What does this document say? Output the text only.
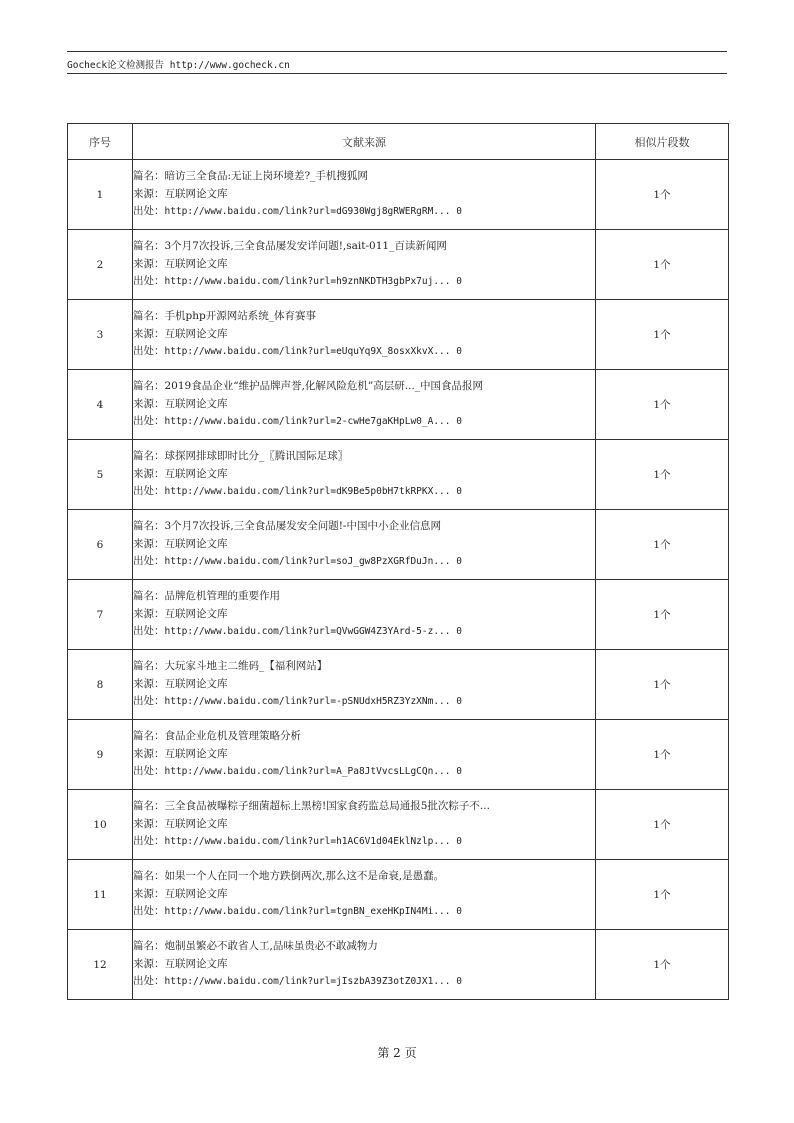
Gocheck论文检测报告 http://www.gocheck.cn
序号	文献来源	相似片段数
1	篇名：暗访三全食品:无证上岗环境差?_手机搜狐网
来源：互联网论文库
出处：http://www.baidu.com/link?url=dG930Wgj8gRWERgRM... 0	1个
2	篇名：3个月7次投诉,三全食品屡发安详问题!,sait-011_百读新闻网
来源：互联网论文库
出处：http://www.baidu.com/link?url=h9znNKDTH3gbPx7uj... 0	1个
3	篇名：手机php开源网站系统_体育赛事
来源：互联网论文库
出处：http://www.baidu.com/link?url=eUquYq9X_8osxXkvX... 0	1个
4	篇名：2019食品企业“维护品牌声誉,化解风险危机”高层研..._中国食品报网
来源：互联网论文库
出处：http://www.baidu.com/link?url=2-cwHe7gaKHpLw0_A... 0	1个
5	篇名：球探网排球即时比分_〖腾讯国际足球〗
来源：互联网论文库
出处：http://www.baidu.com/link?url=dK9Be5p0bH7tkRPKX... 0	1个
6	篇名：3个月7次投诉,三全食品屡发安全问题!-中国中小企业信息网
来源：互联网论文库
出处：http://www.baidu.com/link?url=soJ_gw8PzXGRfDuJn... 0	1个
7	篇名：品牌危机管理的重要作用
来源：互联网论文库
出处：http://www.baidu.com/link?url=QVwGGW4Z3YArd-5-z... 0	1个
8	篇名：大玩家斗地主二维码_【福利网站】
来源：互联网论文库
出处：http://www.baidu.com/link?url=-pSNUdxH5RZ3YzXNm... 0	1个
9	篇名：食品企业危机及管理策略分析
来源：互联网论文库
出处：http://www.baidu.com/link?url=A_Pa8JtVvcsLLgCQn... 0	1个
10	篇名：三全食品被曝粽子细菌超标上黑榜!国家食药监总局通报5批次粽子不...
来源：互联网论文库
出处：http://www.baidu.com/link?url=h1AC6V1d04EklNzlp... 0	1个
11	篇名：如果一个人在同一个地方跌倒两次,那么这不是命衰,是愚蠢。
来源：互联网论文库
出处：http://www.baidu.com/link?url=tgnBN_exeHKpIN4Mi... 0	1个
12	篇名：炮制虽繁必不敢省人工,品味虽贵必不敢减物力
来源：互联网论文库
出处：http://www.baidu.com/link?url=jIszbA39Z3otZ0JX1... 0	1个
第 2 页
